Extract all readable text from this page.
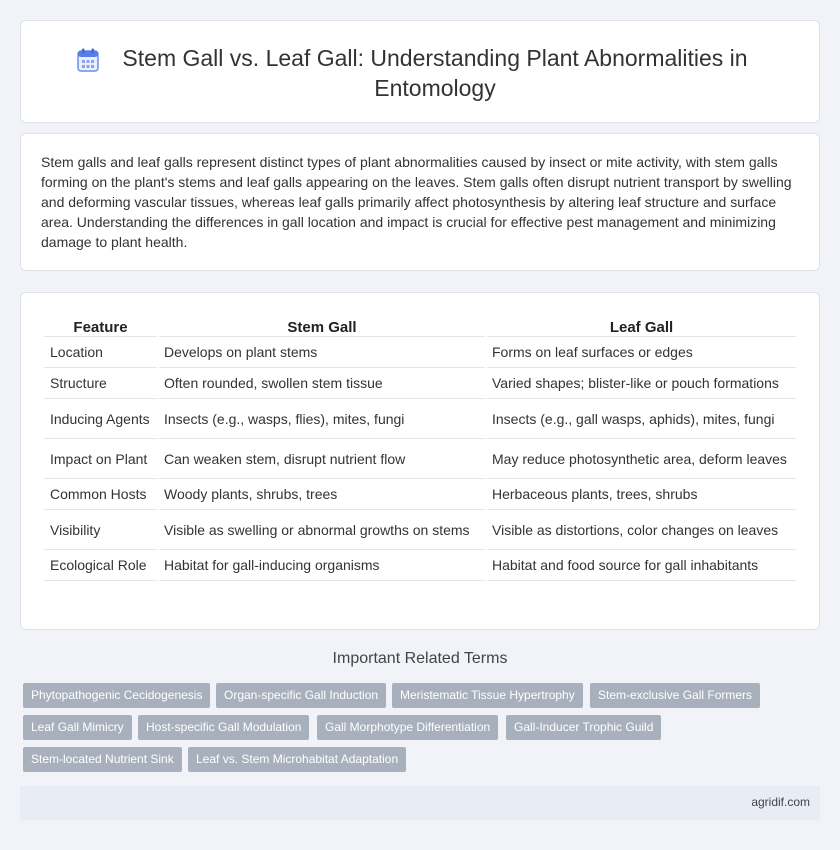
Stem Gall vs. Leaf Gall: Understanding Plant Abnormalities in Entomology

Stem galls and leaf galls represent distinct types of plant abnormalities caused by insect or mite activity, with stem galls forming on the plant's stems and leaf galls appearing on the leaves. Stem galls often disrupt nutrient transport by swelling and deforming vascular tissues, whereas leaf galls primarily affect photosynthesis by altering leaf structure and surface area. Understanding the differences in gall location and impact is crucial for effective pest management and minimizing damage to plant health.

Feature	Stem Gall	Leaf Gall
Location	Develops on plant stems	Forms on leaf surfaces or edges
Structure	Often rounded, swollen stem tissue	Varied shapes; blister-like or pouch formations
Inducing Agents	Insects (e.g., wasps, flies), mites, fungi	Insects (e.g., gall wasps, aphids), mites, fungi
Impact on Plant	Can weaken stem, disrupt nutrient flow	May reduce photosynthetic area, deform leaves
Common Hosts	Woody plants, shrubs, trees	Herbaceous plants, trees, shrubs
Visibility	Visible as swelling or abnormal growths on stems	Visible as distortions, color changes on leaves
Ecological Role	Habitat for gall-inducing organisms	Habitat and food source for gall inhabitants
Important Related Terms
Phytopathogenic Cecidogenesis	Organ-specific Gall Induction	Meristematic Tissue Hypertrophy	Stem-exclusive Gall Formers
Leaf Gall Mimicry	Host-specific Gall Modulation	Gall Morphotype Differentiation	Gall-Inducer Trophic Guild
Stem-located Nutrient Sink	Leaf vs. Stem Microhabitat Adaptation
agridif.com
